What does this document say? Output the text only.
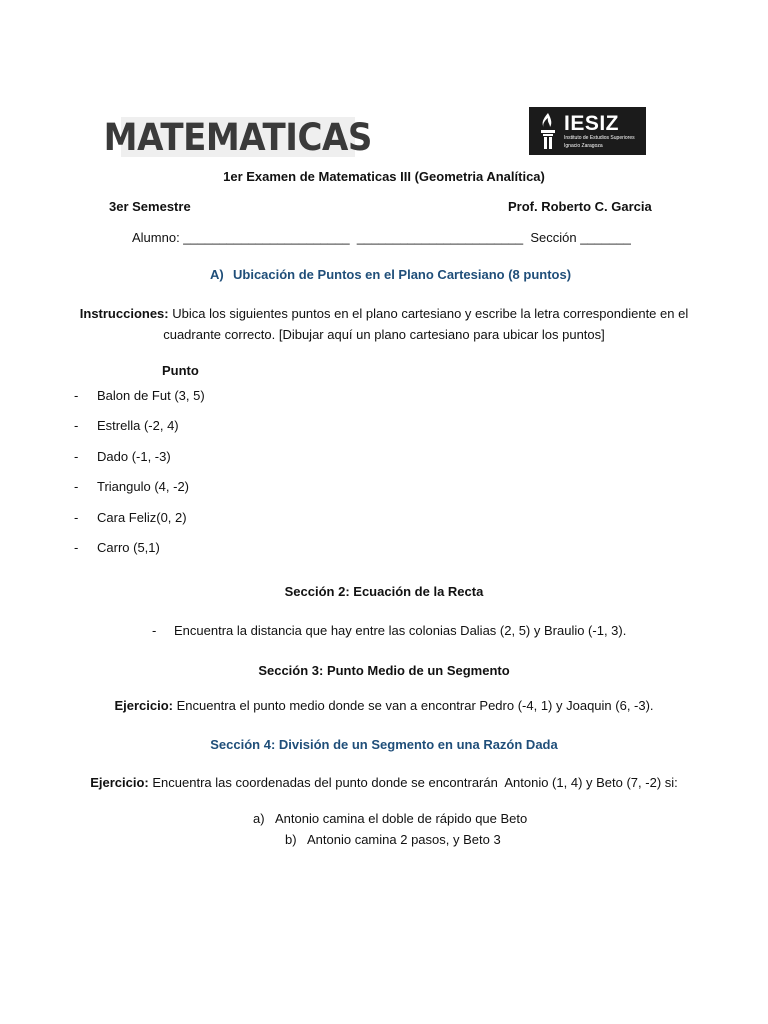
MATEMATICAS	IESIZ
Instituto de Estudios Superiores
Ignacio Zaragoza
1er Examen de Matematicas III (Geometria Analítica)
3er Semestre	Prof. Roberto C. Garcia
Alumno: _______________________  _______________________  Sección _______
A) Ubicación de Puntos en el Plano Cartesiano (8 puntos)
Instrucciones: Ubica los siguientes puntos en el plano cartesiano y escribe la letra correspondiente en el
cuadrante correcto. [Dibujar aquí un plano cartesiano para ubicar los puntos]
Punto
- Balon de Fut (3, 5)
- Estrella (-2, 4)
- Dado (-1, -3)
- Triangulo (4, -2)
- Cara Feliz(0, 2)
- Carro (5,1)
Sección 2: Ecuación de la Recta
- Encuentra la distancia que hay entre las colonias Dalias (2, 5) y Braulio (-1, 3).
Sección 3: Punto Medio de un Segmento
Ejercicio: Encuentra el punto medio donde se van a encontrar Pedro (-4, 1) y Joaquin (6, -3).
Sección 4: División de un Segmento en una Razón Dada
Ejercicio: Encuentra las coordenadas del punto donde se encontrarán  Antonio (1, 4) y Beto (7, -2) si:
a) Antonio camina el doble de rápido que Beto
b) Antonio camina 2 pasos, y Beto 3
